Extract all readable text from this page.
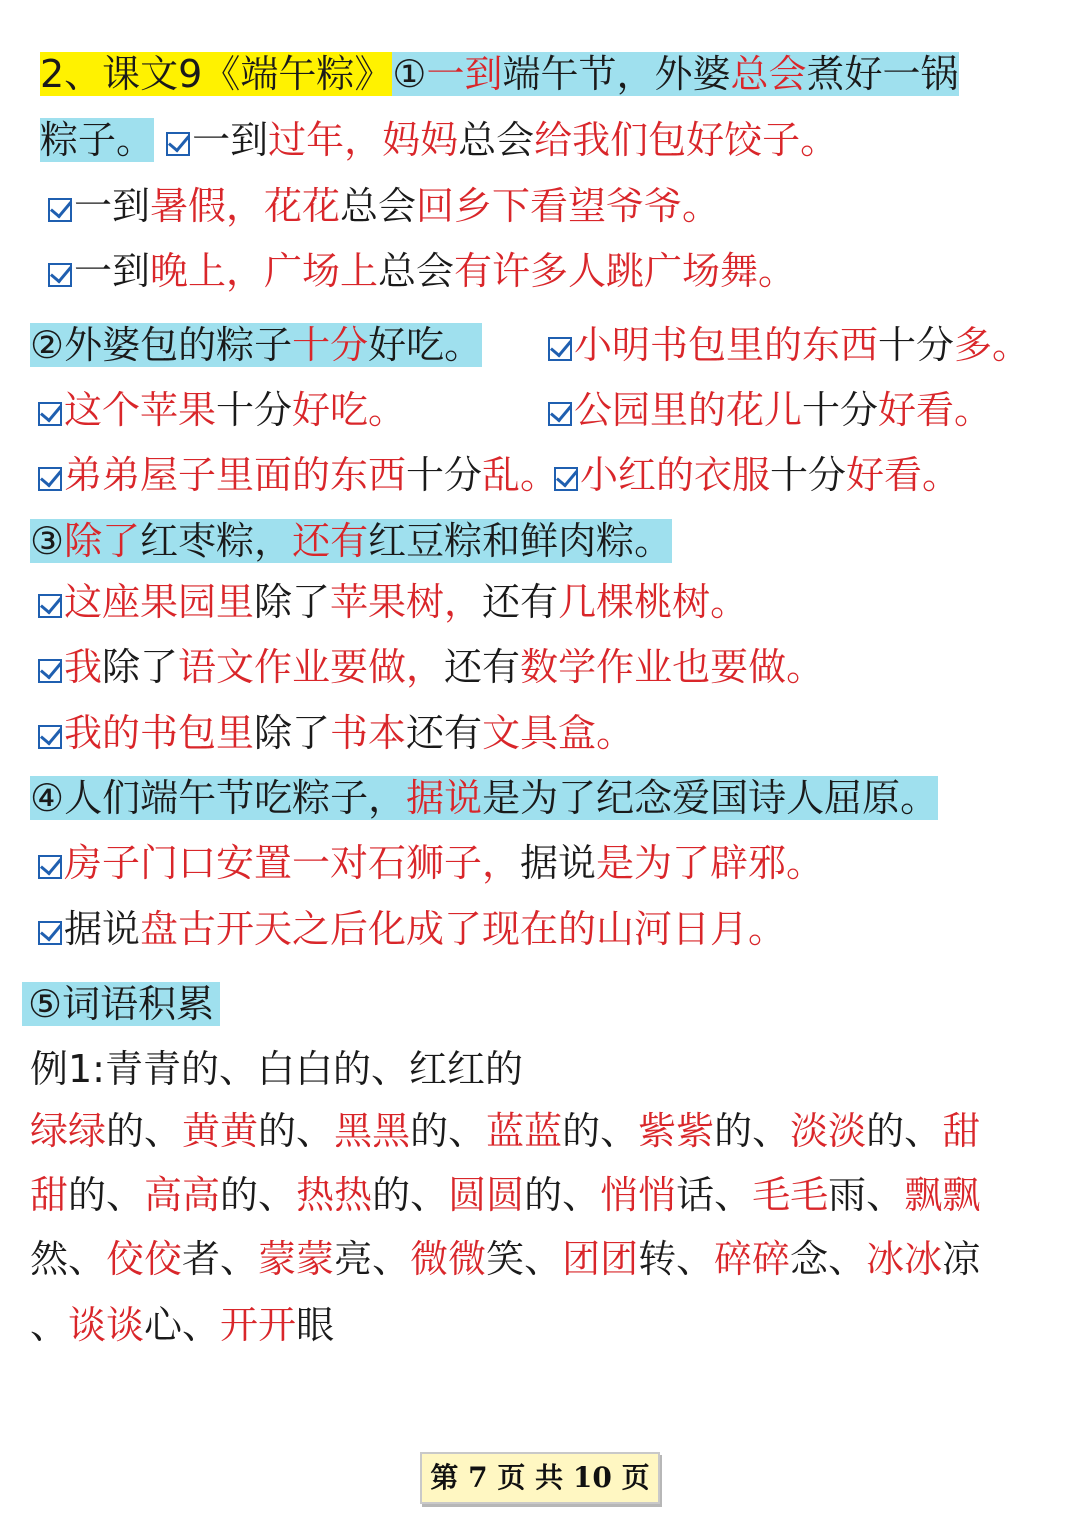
2、课文9《端午粽》①一到端午节，外婆总会煮好一锅
粽子。 一到过年，妈妈总会给我们包好饺子。
一到暑假，花花总会回乡下看望爷爷。
一到晚上，广场上总会有许多人跳广场舞。
②外婆包的粽子十分好吃。	小明书包里的东西十分多。
这个苹果十分好吃。	公园里的花儿十分好看。
弟弟屋子里面的东西十分乱。 小红的衣服十分好看。
③除了红枣粽，还有红豆粽和鲜肉粽。
这座果园里除了苹果树，还有几棵桃树。
我除了语文作业要做，还有数学作业也要做。
我的书包里除了书本还有文具盒。
④人们端午节吃粽子，据说是为了纪念爱国诗人屈原。
房子门口安置一对石狮子，据说是为了辟邪。
据说盘古开天之后化成了现在的山河日月。
⑤词语积累
例1:青青的、白白的、红红的
绿绿的、黄黄的、黑黑的、蓝蓝的、紫紫的、淡淡的、甜
甜的、高高的、热热的、圆圆的、悄悄话、毛毛雨、飘飘
然、佼佼者、蒙蒙亮、微微笑、团团转、碎碎念、冰冰凉
、谈谈心、开开眼
第 7 页 共 10 页
